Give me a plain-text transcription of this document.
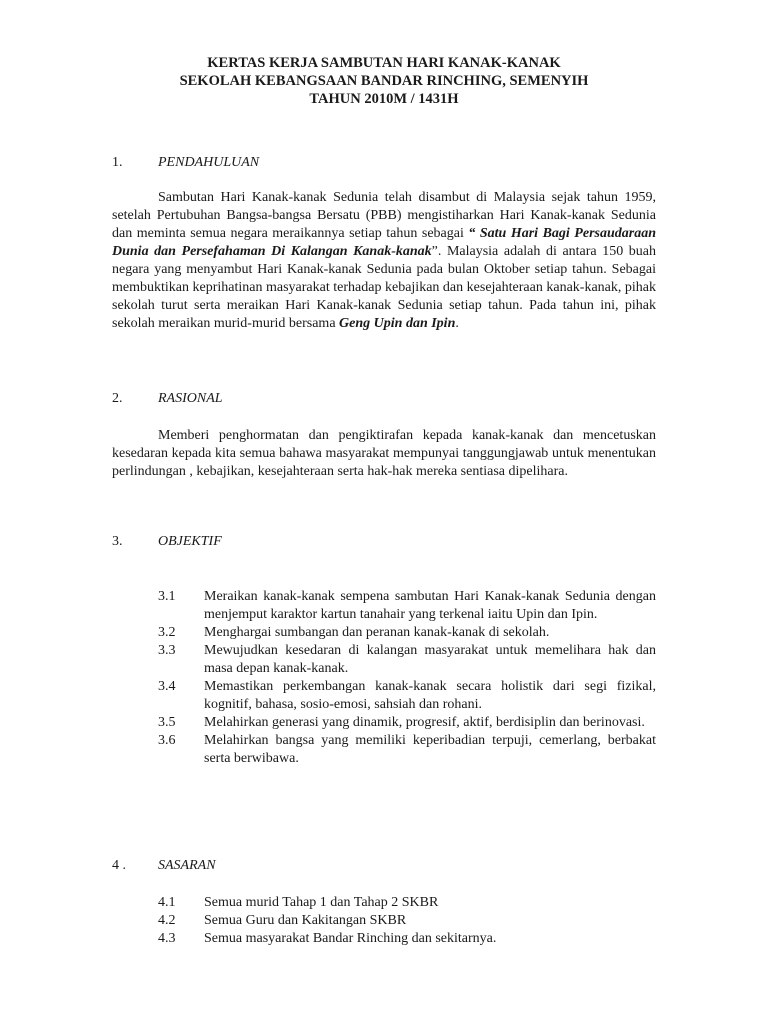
KERTAS KERJA SAMBUTAN HARI KANAK-KANAK
SEKOLAH KEBANGSAAN BANDAR RINCHING, SEMENYIH
TAHUN 2010M / 1431H
1.	PENDAHULUAN
Sambutan Hari Kanak-kanak Sedunia telah disambut di Malaysia sejak tahun 1959, setelah Pertubuhan Bangsa-bangsa Bersatu (PBB) mengistiharkan Hari Kanak-kanak Sedunia dan meminta semua negara meraikannya setiap tahun sebagai “ Satu Hari Bagi Persaudaraan Dunia dan Persefahaman Di Kalangan Kanak-kanak”. Malaysia adalah di antara 150 buah negara yang menyambut Hari Kanak-kanak Sedunia pada bulan Oktober setiap tahun. Sebagai membuktikan keprihatinan masyarakat terhadap kebajikan dan kesejahteraan kanak-kanak, pihak sekolah turut serta meraikan Hari Kanak-kanak Sedunia setiap tahun. Pada tahun ini, pihak sekolah meraikan murid-murid bersama Geng Upin dan Ipin.
2.	RASIONAL
Memberi penghormatan dan pengiktirafan kepada kanak-kanak dan mencetuskan kesedaran kepada kita semua bahawa masyarakat mempunyai tanggungjawab untuk menentukan perlindungan , kebajikan, kesejahteraan serta hak-hak mereka sentiasa dipelihara.
3.	OBJEKTIF
3.1	Meraikan kanak-kanak sempena sambutan Hari Kanak-kanak Sedunia dengan menjemput karaktor kartun tanahair yang terkenal iaitu Upin dan Ipin.
3.2	Menghargai sumbangan dan peranan kanak-kanak di sekolah.
3.3	Mewujudkan kesedaran di kalangan masyarakat untuk memelihara hak dan masa depan kanak-kanak.
3.4	Memastikan perkembangan kanak-kanak secara holistik dari segi fizikal, kognitif, bahasa, sosio-emosi, sahsiah dan rohani.
3.5	Melahirkan generasi yang dinamik, progresif, aktif, berdisiplin dan berinovasi.
3.6	Melahirkan bangsa yang memiliki keperibadian terpuji, cemerlang, berbakat serta berwibawa.
4 . SASARAN
4.1	Semua murid Tahap 1 dan Tahap 2 SKBR
4.2	Semua Guru dan Kakitangan SKBR
4.3	Semua masyarakat Bandar Rinching dan sekitarnya.
